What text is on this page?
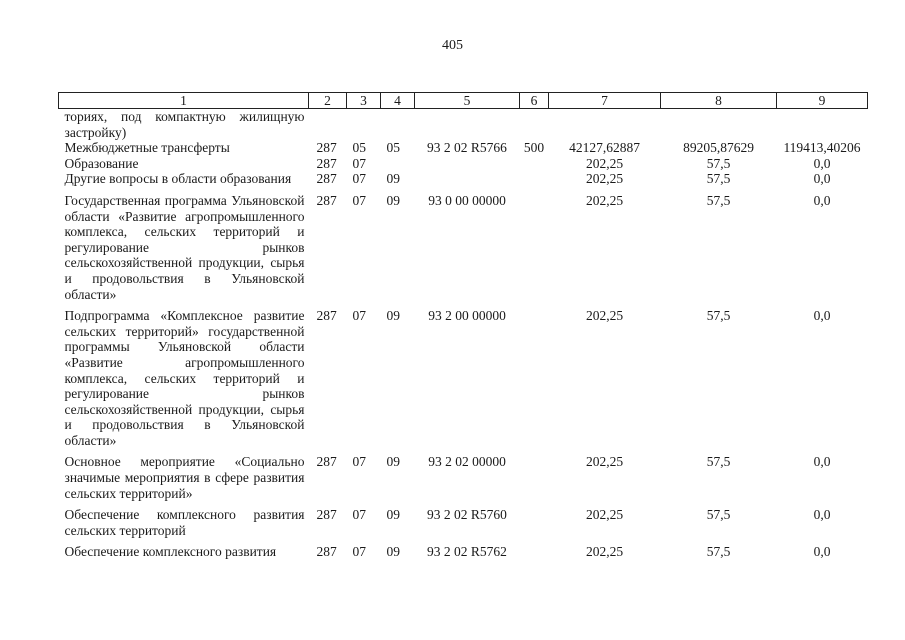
405
1	2	3	4	5	6	7	8	9
ториях, под компактную жилищную застройку)								
Межбюджетные трансферты	287	05	05	93 2 02 R5766	500	42127,62887	89205,87629	119413,40206
Образование	287	07				202,25	57,5	0,0
Другие вопросы в области образования	287	07	09			202,25	57,5	0,0
Государственная программа Ульяновской области «Развитие агропромышленного комплекса, сельских территорий и регулирование рынков сельскохозяйственной продукции, сырья и продовольствия в Ульяновской области»	287	07	09	93 0 00 00000		202,25	57,5	0,0
Подпрограмма «Комплексное развитие сельских территорий» государственной программы Ульяновской области «Развитие агропромышленного комплекса, сельских территорий и регулирование рынков сельскохозяйственной продукции, сырья и продовольствия в Ульяновской области»	287	07	09	93 2 00 00000		202,25	57,5	0,0
Основное мероприятие «Социально значимые мероприятия в сфере развития сельских территорий»	287	07	09	93 2 02 00000		202,25	57,5	0,0
Обеспечение комплексного развития сельских территорий	287	07	09	93 2 02 R5760		202,25	57,5	0,0
Обеспечение комплексного развития	287	07	09	93 2 02 R5762		202,25	57,5	0,0
